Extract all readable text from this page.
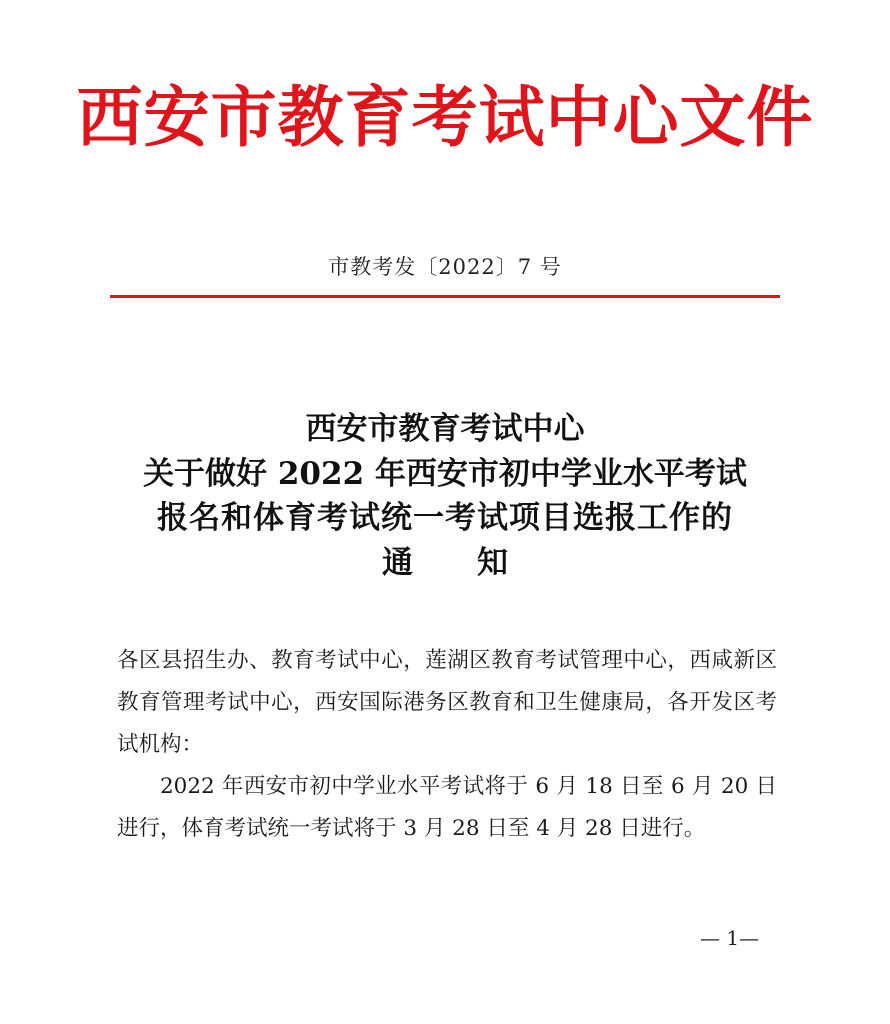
西安市教育考试中心文件
市教考发〔2022〕7 号
西安市教育考试中心
关于做好 2022 年西安市初中学业水平考试
报名和体育考试统一考试项目选报工作的
通 知

各区县招生办、教育考试中心，莲湖区教育考试管理中心，西咸新区教育管理考试中心，西安国际港务区教育和卫生健康局，各开发区考试机构：

2022 年西安市初中学业水平考试将于 6 月 18 日至 6 月 20 日进行，体育考试统一考试将于 3 月 28 日至 4 月 28 日进行。

— 1—
